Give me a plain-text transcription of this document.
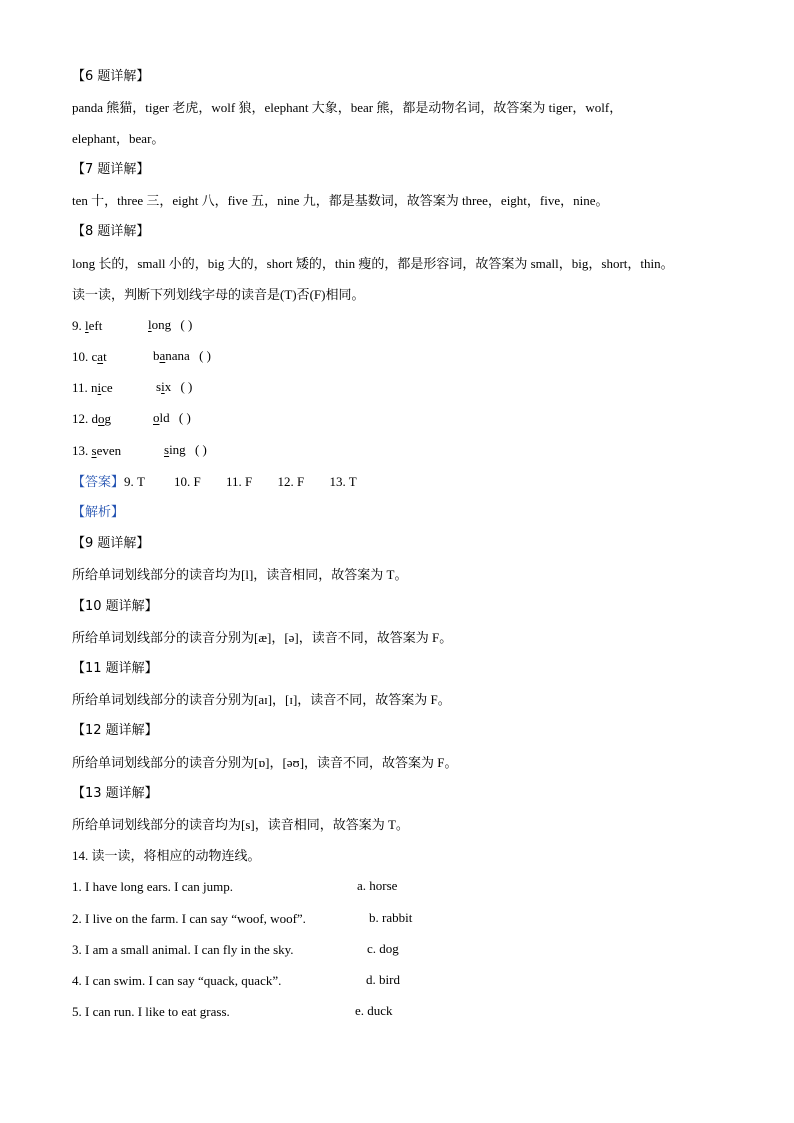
【6 题详解】
panda 熊猫，tiger 老虎，wolf 狼，elephant 大象，bear 熊，都是动物名词，故答案为 tiger，wolf，
elephant，bear。
【7 题详解】
ten 十，three 三，eight 八，five 五，nine 九，都是基数词，故答案为 three，eight，five，nine。
【8 题详解】
long 长的，small 小的，big 大的，short 矮的，thin 瘦的，都是形容词，故答案为 small，big，short，thin。
读一读，判断下列划线字母的读音是(T)否(F)相同。
9. left	long ( )
10. cat	banana ( )
11. nice	six ( )
12. dog	old ( )
13. seven	sing ( )
【答案】9. T 10. F 11. F 12. F 13. T
【解析】
【9 题详解】
所给单词划线部分的读音均为[l]，读音相同，故答案为 T。
【10 题详解】
所给单词划线部分的读音分别为[æ]，[ə]，读音不同，故答案为 F。
【11 题详解】
所给单词划线部分的读音分别为[aɪ]，[ɪ]，读音不同，故答案为 F。
【12 题详解】
所给单词划线部分的读音分别为[ɒ]，[əʊ]，读音不同，故答案为 F。
【13 题详解】
所给单词划线部分的读音均为[s]，读音相同，故答案为 T。
14. 读一读，将相应的动物连线。
1. I have long ears. I can jump.	a. horse
2. I live on the farm. I can say “woof, woof”.	b. rabbit
3. I am a small animal. I can fly in the sky.	c. dog
4. I can swim. I can say “quack, quack”.	d. bird
5. I can run. I like to eat grass.	e. duck
